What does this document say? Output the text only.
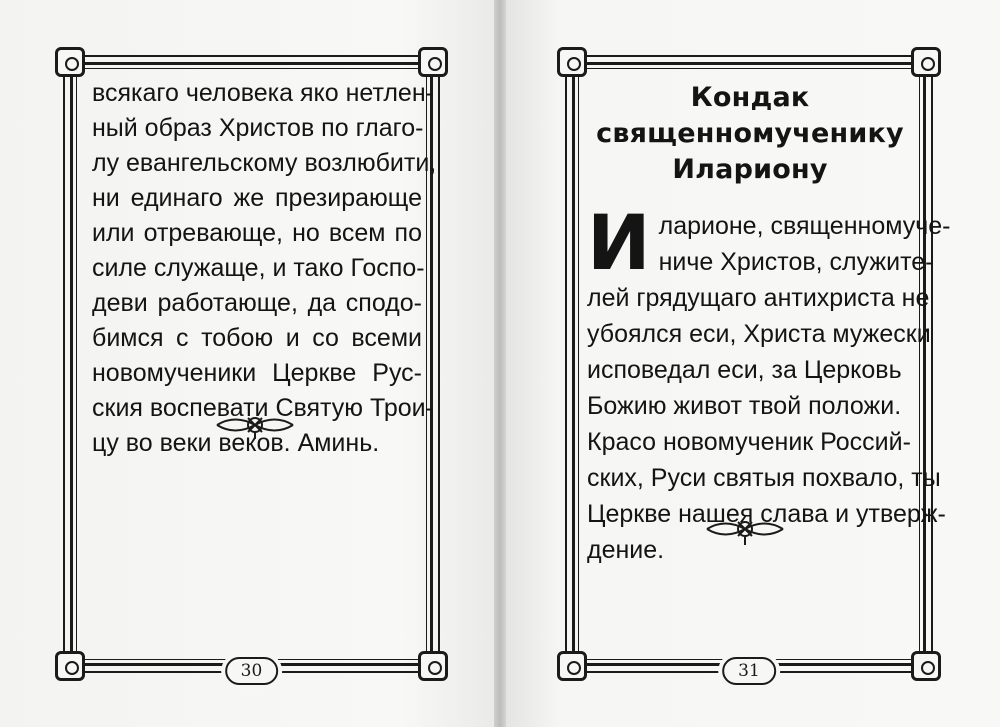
30	31
всякаго человека яко нетлен-
ный образ Христов по глаго-
лу евангельскому возлюбити,
ни единаго же презирающе
или отревающе, но всем по
силе служаще, и тако Госпо-
деви работающе, да сподо-
бимся с тобою и со всеми
новомученики Церкве Рус-
ския воспевати Святую Трои-
цу во веки веков. Аминь.
Кондак
священномученику
Илариону
И ларионе, священномуче-
ниче Христов, служите-
лей грядущаго антихриста не
убоялся еси, Христа мужески
исповедал еси, за Церковь
Божию живот твой положи.
Красо новомученик Россий-
ских, Руси святыя похвало, ты
Церкве нашея слава и утверж-
дение.
